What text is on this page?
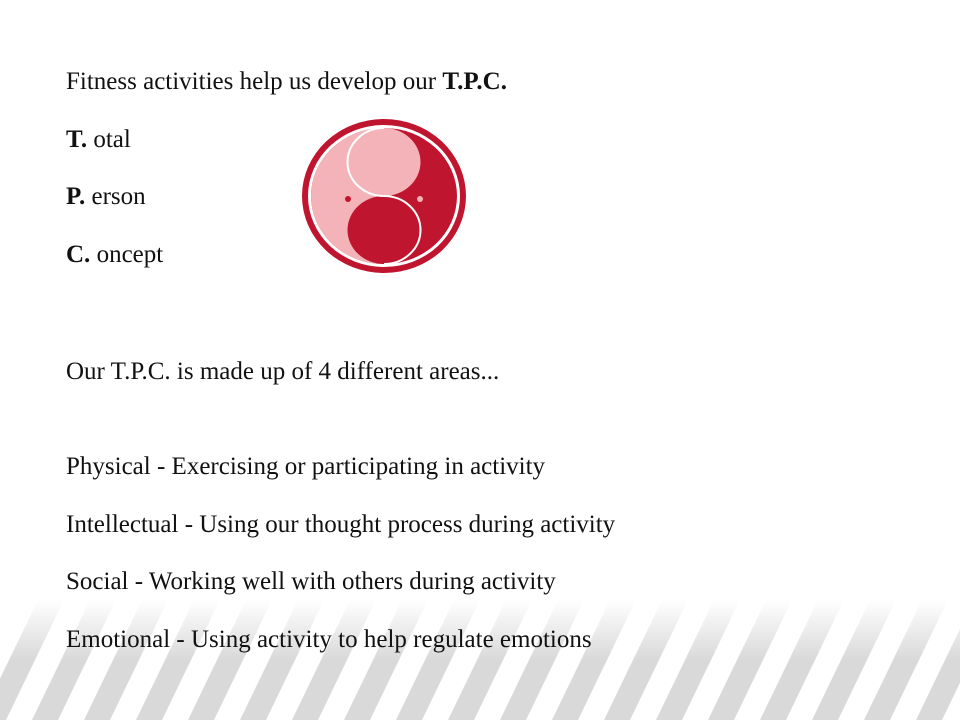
Fitness activities help us develop our T.P.C.
T. otal
P. erson
C. oncept
Our T.P.C. is made up of 4 different areas...
Physical - Exercising or participating in activity
Intellectual - Using our thought process during activity
Social - Working well with others during activity
Emotional - Using activity to help regulate emotions
